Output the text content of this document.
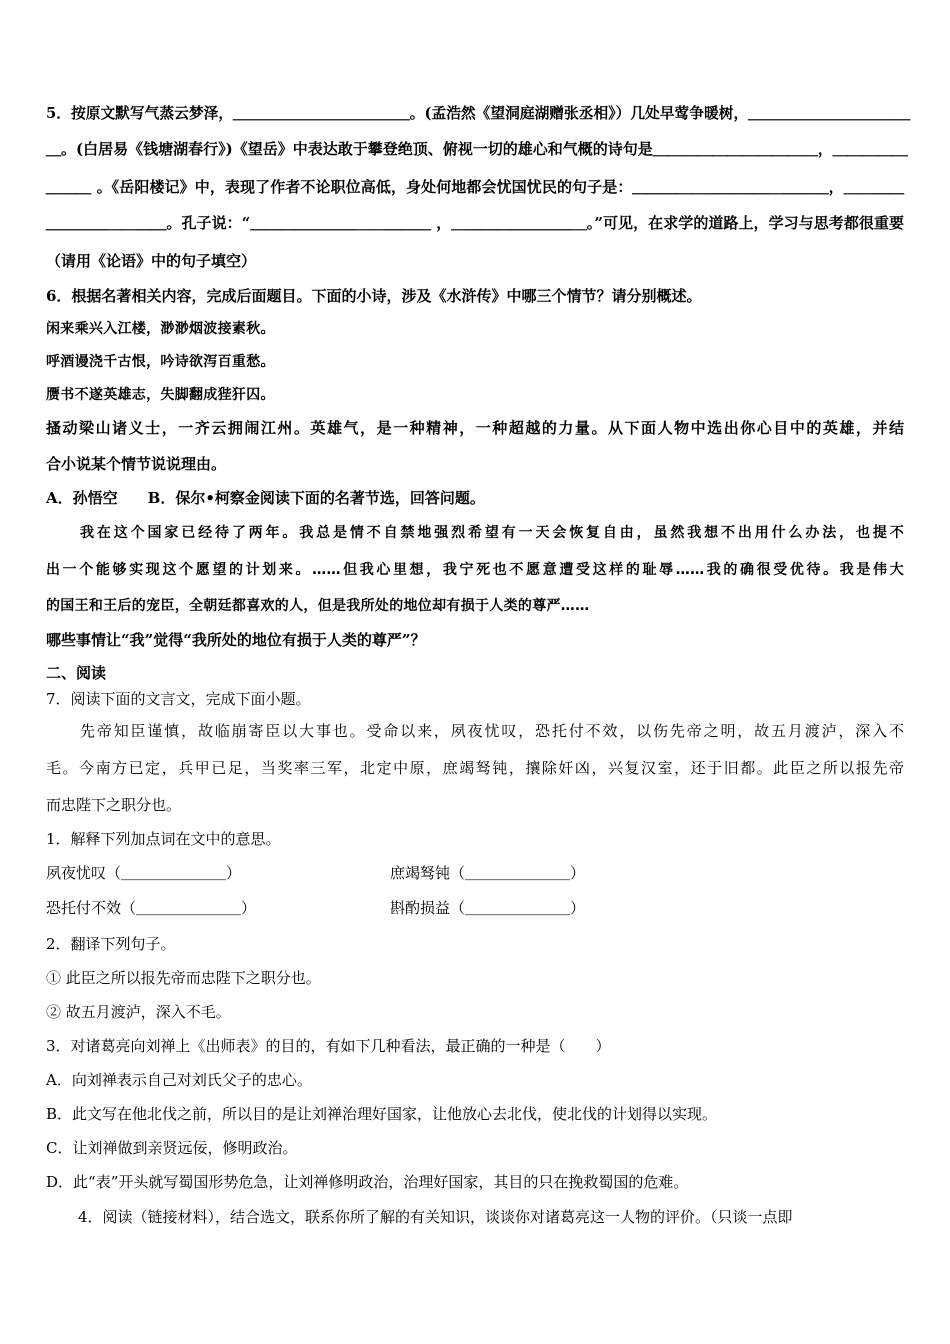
5．按原文默写气蒸云梦泽，＿＿＿＿＿＿＿＿＿＿＿＿。(孟浩然《望洞庭湖赠张丞相》）几处早莺争暖树，＿＿＿＿＿＿＿＿＿＿＿
＿。(白居易《钱塘湖春行》)《望岳》中表达敢于攀登绝顶、俯视一切的雄心和气概的诗句是＿＿＿＿＿＿＿＿＿＿＿，＿＿＿＿＿
＿＿＿ 。《岳阳楼记》中，表现了作者不论职位高低，身处何地都会忧国忧民的句子是：＿＿＿＿＿＿＿＿＿＿＿＿＿，＿＿＿＿
＿＿＿＿＿＿＿＿。孔子说：“＿＿＿＿＿＿＿＿＿＿＿＿ ，＿＿＿＿＿＿＿＿＿。”可见，在求学的道路上，学习与思考都很重要
（请用《论语》中的句子填空）
6．根据名著相关内容，完成后面题目。下面的小诗，涉及《水浒传》中哪三个情节？请分别概述。
闲来乘兴入江楼，渺渺烟波接素秋。
呼酒谩浇千古恨，吟诗欲泻百重愁。
赝书不遂英雄志，失脚翻成狴犴囚。
搔动梁山诸义士，一齐云拥闹江州。英雄气，是一种精神，一种超越的力量。从下面人物中选出你心目中的英雄，并结
合小说某个情节说说理由。
A．孙悟空　　B．保尔•柯察金阅读下面的名著节选，回答问题。
我在这个国家已经待了两年。我总是情不自禁地强烈希望有一天会恢复自由，虽然我想不出用什么办法，也提不
出一个能够实现这个愿望的计划来。……但我心里想，我宁死也不愿意遭受这样的耻辱……我的确很受优待。我是伟大
的国王和王后的宠臣，全朝廷都喜欢的人，但是我所处的地位却有损于人类的尊严……
哪些事情让“我”觉得“我所处的地位有损于人类的尊严”？
二、阅读
7．阅读下面的文言文，完成下面小题。
先帝知臣谨慎，故临崩寄臣以大事也。受命以来，夙夜忧叹，恐托付不效，以伤先帝之明，故五月渡泸，深入不
毛。今南方已定，兵甲已足，当奖率三军，北定中原，庶竭驽钝，攘除奸凶，兴复汉室，还于旧都。此臣之所以报先帝
而忠陛下之职分也。
1．解释下列加点词在文中的意思。
夙夜忧叹（＿＿＿＿＿＿＿）	庶竭驽钝（＿＿＿＿＿＿＿）
恐托付不效（＿＿＿＿＿＿＿）	斟酌损益（＿＿＿＿＿＿＿）
2．翻译下列句子。
① 此臣之所以报先帝而忠陛下之职分也。
② 故五月渡泸，深入不毛。
3．对诸葛亮向刘禅上《出师表》的目的，有如下几种看法，最正确的一种是（　　）
A．向刘禅表示自己对刘氏父子的忠心。
B．此文写在他北伐之前，所以目的是让刘禅治理好国家，让他放心去北伐，使北伐的计划得以实现。
C．让刘禅做到亲贤远佞，修明政治。
D．此“表”开头就写蜀国形势危急，让刘禅修明政治，治理好国家，其目的只在挽救蜀国的危难。
4．阅读（链接材料），结合选文，联系你所了解的有关知识，谈谈你对诸葛亮这一人物的评价。（只谈一点即
